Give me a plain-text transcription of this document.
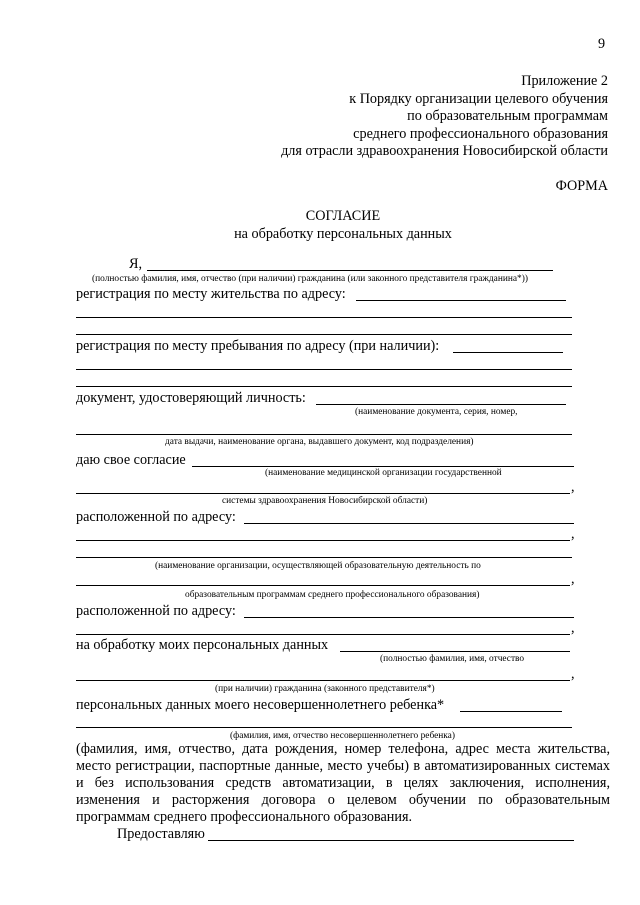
9
Приложение 2
к Порядку организации целевого обучения
по образовательным программам
среднего профессионального образования
для отрасли здравоохранения Новосибирской области
ФОРМА
СОГЛАСИЕ
на обработку персональных данных
Я,
(полностью фамилия, имя, отчество (при наличии) гражданина (или законного представителя гражданина*))
регистрация по месту жительства по адресу:
регистрация по месту пребывания по адресу (при наличии):
документ, удостоверяющий личность:
(наименование документа, серия, номер,
дата выдачи, наименование органа, выдавшего документ, код подразделения)
даю свое согласие
(наименование медицинской организации государственной
,
системы здравоохранения Новосибирской области)
расположенной по адресу:
,
(наименование организации, осуществляющей образовательную деятельность по
,
образовательным программам среднего профессионального образования)
расположенной по адресу:
,
на обработку моих персональных данных
(полностью фамилия, имя, отчество
,
(при наличии) гражданина (законного представителя*)
персональных данных моего несовершеннолетнего ребенка*
(фамилия, имя, отчество несовершеннолетнего ребенка)
(фамилия, имя, отчество, дата рождения, номер телефона, адрес места жительства, место регистрации, паспортные данные, место учебы) в автоматизированных системах и без использования средств автоматизации, в целях заключения, исполнения, изменения и расторжения договора о целевом обучении по образовательным программам среднего профессионального образования.
Предоставляю
